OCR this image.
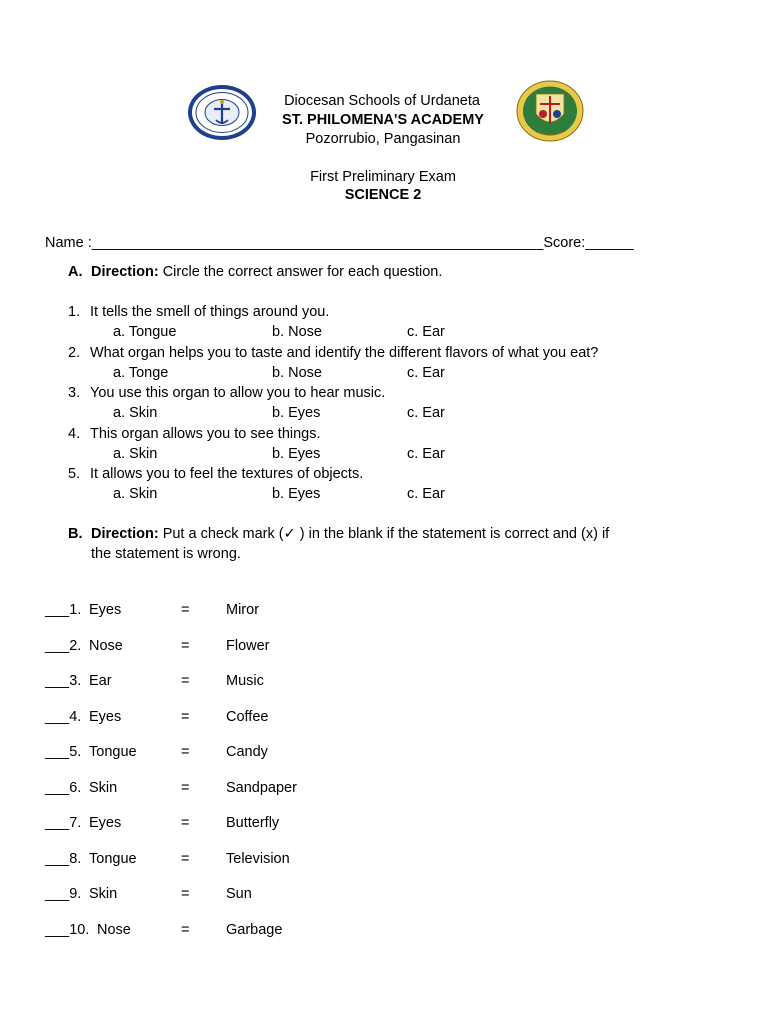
Diocesan Schools of Urdaneta
ST. PHILOMENA'S ACADEMY
Pozorrubio, Pangasinan
First Preliminary Exam
SCIENCE 2
Name :________________________________________________________Score:______
A. Direction: Circle the correct answer for each question.
1. It tells the smell of things around you.
a. Tongue	b. Nose	c. Ear
2. What organ helps you to taste and identify the different flavors of what you eat?
a. Tonge	b. Nose	c. Ear
3. You use this organ to allow you to hear music.
a. Skin	b. Eyes	c. Ear
4. This organ allows you to see things.
a. Skin	b. Eyes	c. Ear
5. It allows you to feel the textures of objects.
a. Skin	b. Eyes	c. Ear
B. Direction: Put a check mark (✓ ) in the blank if the statement is correct and (x) if
the statement is wrong.
___1. Eyes	=	Miror
___2. Nose	=	Flower
___3. Ear	=	Music
___4. Eyes	=	Coffee
___5. Tongue	=	Candy
___6. Skin	=	Sandpaper
___7. Eyes	=	Butterfly
___8. Tongue	=	Television
___9. Skin	=	Sun
___10. Nose	=	Garbage
